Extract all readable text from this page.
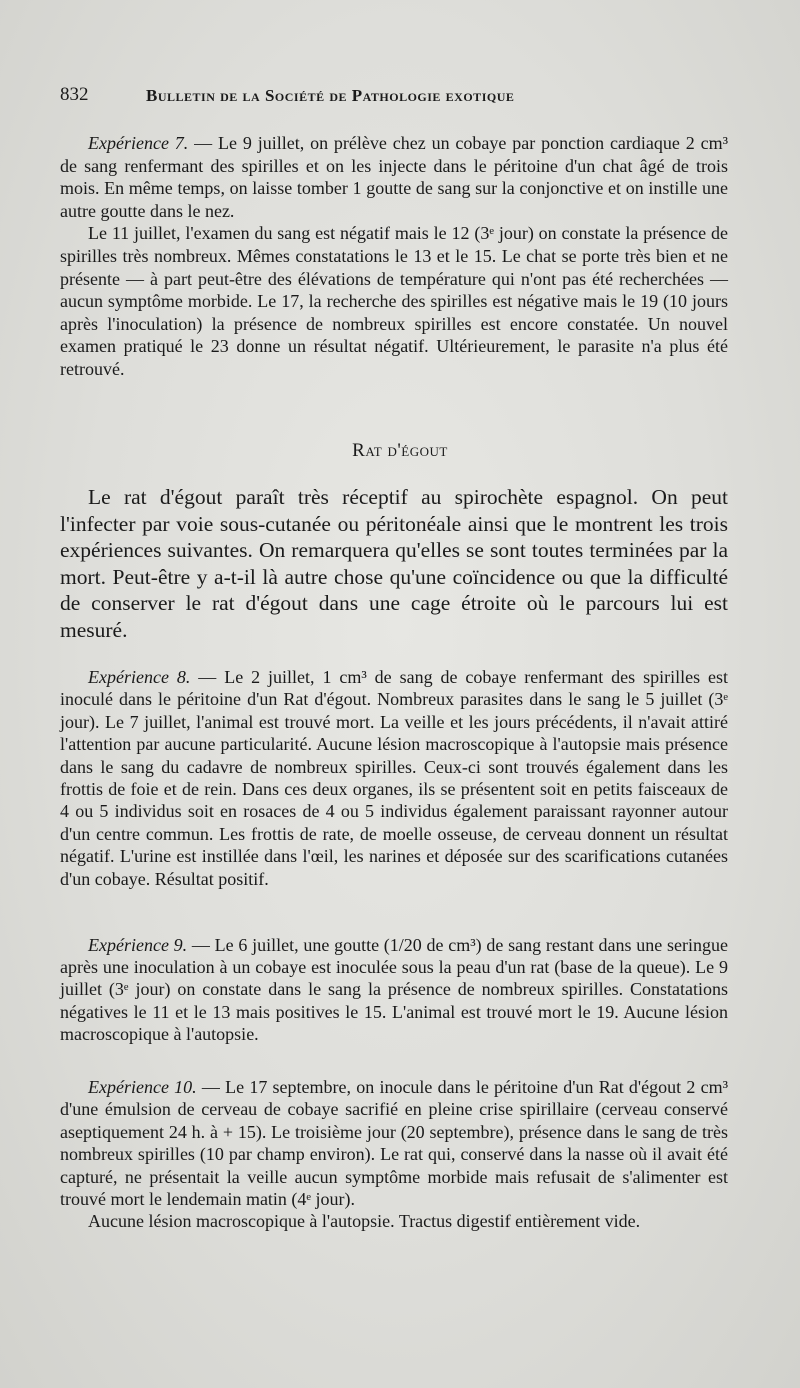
832	Bulletin de la Société de Pathologie exotique

Expérience 7. — Le 9 juillet, on prélève chez un cobaye par ponction cardiaque 2 cm³ de sang renfermant des spirilles et on les injecte dans le péritoine d'un chat âgé de trois mois. En même temps, on laisse tomber 1 goutte de sang sur la conjonctive et on instille une autre goutte dans le nez.

Le 11 juillet, l'examen du sang est négatif mais le 12 (3ᵉ jour) on constate la présence de spirilles très nombreux. Mêmes constatations le 13 et le 15. Le chat se porte très bien et ne présente — à part peut-être des élévations de température qui n'ont pas été recherchées — aucun symptôme morbide. Le 17, la recherche des spirilles est négative mais le 19 (10 jours après l'inoculation) la présence de nombreux spirilles est encore constatée. Un nouvel examen pratiqué le 23 donne un résultat négatif. Ultérieurement, le parasite n'a plus été retrouvé.

Rat d'égout

Le rat d'égout paraît très réceptif au spirochète espagnol. On peut l'infecter par voie sous-cutanée ou péritonéale ainsi que le montrent les trois expériences suivantes. On remarquera qu'elles se sont toutes terminées par la mort. Peut-être y a-t-il là autre chose qu'une coïncidence ou que la difficulté de conserver le rat d'égout dans une cage étroite où le parcours lui est mesuré.

Expérience 8. — Le 2 juillet, 1 cm³ de sang de cobaye renfermant des spirilles est inoculé dans le péritoine d'un Rat d'égout. Nombreux parasites dans le sang le 5 juillet (3ᵉ jour). Le 7 juillet, l'animal est trouvé mort. La veille et les jours précédents, il n'avait attiré l'attention par aucune particularité. Aucune lésion macroscopique à l'autopsie mais présence dans le sang du cadavre de nombreux spirilles. Ceux-ci sont trouvés également dans les frottis de foie et de rein. Dans ces deux organes, ils se présentent soit en petits faisceaux de 4 ou 5 individus soit en rosaces de 4 ou 5 individus également paraissant rayonner autour d'un centre commun. Les frottis de rate, de moelle osseuse, de cerveau donnent un résultat négatif. L'urine est instillée dans l'œil, les narines et déposée sur des scarifications cutanées d'un cobaye. Résultat positif.

Expérience 9. — Le 6 juillet, une goutte (1/20 de cm³) de sang restant dans une seringue après une inoculation à un cobaye est inoculée sous la peau d'un rat (base de la queue). Le 9 juillet (3ᵉ jour) on constate dans le sang la présence de nombreux spirilles. Constatations négatives le 11 et le 13 mais positives le 15. L'animal est trouvé mort le 19. Aucune lésion macroscopique à l'autopsie.

Expérience 10. — Le 17 septembre, on inocule dans le péritoine d'un Rat d'égout 2 cm³ d'une émulsion de cerveau de cobaye sacrifié en pleine crise spirillaire (cerveau conservé aseptiquement 24 h. à + 15). Le troisième jour (20 septembre), présence dans le sang de très nombreux spirilles (10 par champ environ). Le rat qui, conservé dans la nasse où il avait été capturé, ne présentait la veille aucun symptôme morbide mais refusait de s'alimenter est trouvé mort le lendemain matin (4ᵉ jour).

Aucune lésion macroscopique à l'autopsie. Tractus digestif entièrement vide.
